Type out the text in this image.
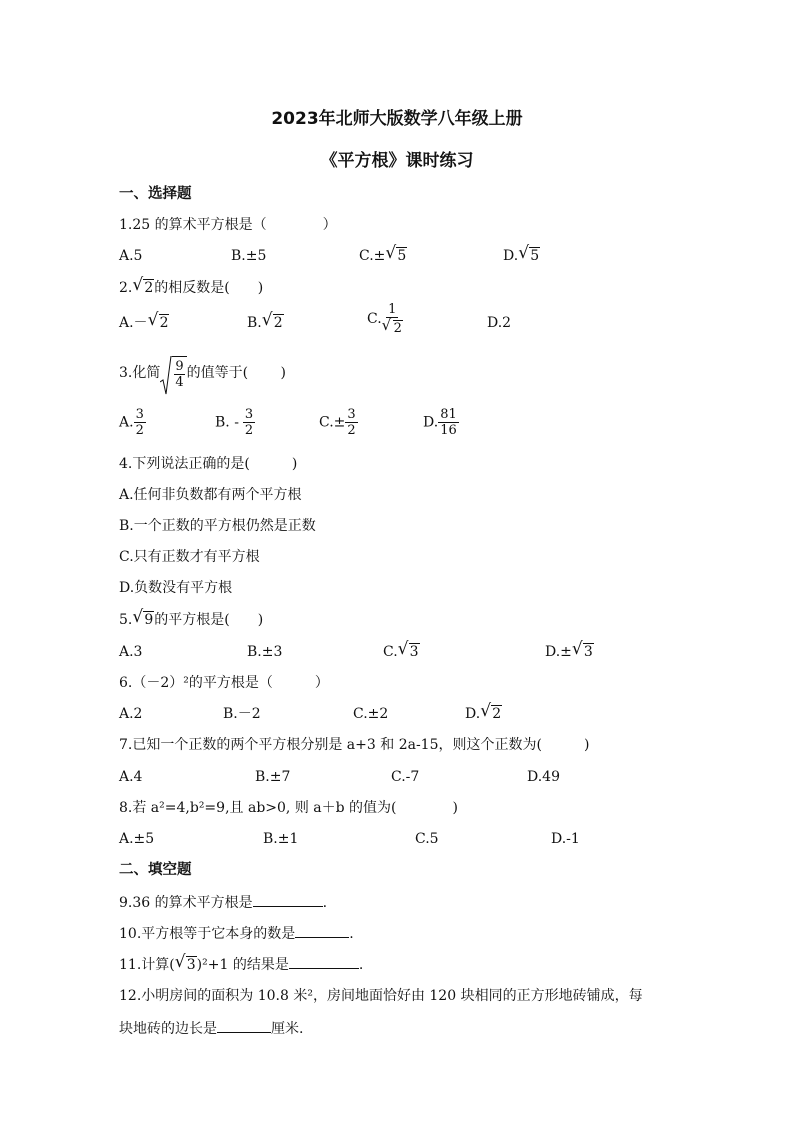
2023年北师大版数学八年级上册
《平方根》课时练习
一、选择题
1.25 的算术平方根是（　　　　）
A.5	B.±5	C.± √ 5	D. √ 5
2. √ 2的相反数是(　　)
A.－ √ 2	B. √ 2	C. $\frac{1}{√ 2}$	D.2
3.化简 $\frac{9}{4}$ 的值等于(　　 )
A. $\frac{3}{2}$	B. - $\frac{3}{2}$	$C.\pm \frac{3}{2}$	D. $\frac{81}{16}$
4.下列说法正确的是(　　　)
A.任何非负数都有两个平方根
B.一个正数的平方根仍然是正数
C.只有正数才有平方根
D.负数没有平方根
5. √ 9的平方根是(　　)
A.3	B.±3	C. √ 3	D.± √ 3
6.（－2）²的平方根是（　　　）
A.2	B.－2	C.±2	D. √ 2
7.已知一个正数的两个平方根分别是 a+3 和 2a-15，则这个正数为(　　　)
A.4	B.±7	C.-7	D.49
8.若 a²=4,b²=9,且 ab>0, 则 a＋b 的值为(　　　　)
A.±5	B.±1	C.5	D.-1
二、填空题
9.36 的算术平方根是	.
10.平方根等于它本身的数是	.
11.计算( √ 3)²+1 的结果是	.
12.小明房间的面积为 10.8 米²，房间地面恰好由 120 块相同的正方形地砖铺成，每
块地砖的边长是	厘米.
